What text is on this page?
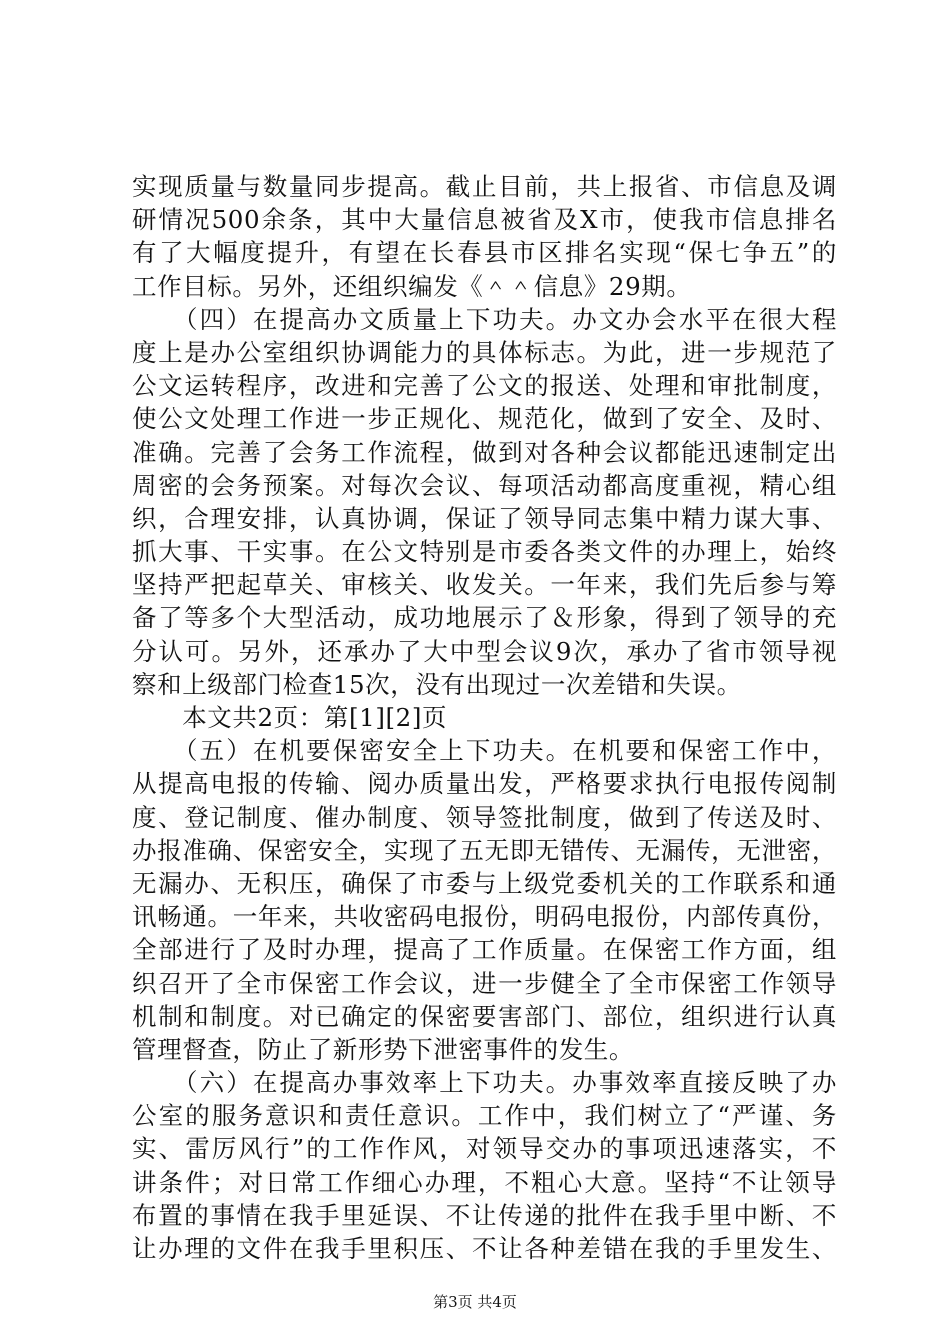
实现质量与数量同步提高。截止目前，共上报省、市信息及调
研情况500余条，其中大量信息被省及X市，使我市信息排名
有了大幅度提升，有望在长春县市区排名实现“保七争五”的
工作目标。另外，还组织编发《＾＾信息》29期。
　　（四）在提高办文质量上下功夫。办文办会水平在很大程
度上是办公室组织协调能力的具体标志。为此，进一步规范了
公文运转程序，改进和完善了公文的报送、处理和审批制度，
使公文处理工作进一步正规化、规范化，做到了安全、及时、
准确。完善了会务工作流程，做到对各种会议都能迅速制定出
周密的会务预案。对每次会议、每项活动都高度重视，精心组
织，合理安排，认真协调，保证了领导同志集中精力谋大事、
抓大事、干实事。在公文特别是市委各类文件的办理上，始终
坚持严把起草关、审核关、收发关。一年来，我们先后参与筹
备了等多个大型活动，成功地展示了＆形象，得到了领导的充
分认可。另外，还承办了大中型会议9次，承办了省市领导视
察和上级部门检查15次，没有出现过一次差错和失误。
　　本文共2页：第[1][2]页
　　（五）在机要保密安全上下功夫。在机要和保密工作中，
从提高电报的传输、阅办质量出发，严格要求执行电报传阅制
度、登记制度、催办制度、领导签批制度，做到了传送及时、
办报准确、保密安全，实现了五无即无错传、无漏传，无泄密，
无漏办、无积压，确保了市委与上级党委机关的工作联系和通
讯畅通。一年来，共收密码电报份，明码电报份，内部传真份，
全部进行了及时办理，提高了工作质量。在保密工作方面，组
织召开了全市保密工作会议，进一步健全了全市保密工作领导
机制和制度。对已确定的保密要害部门、部位，组织进行认真
管理督查，防止了新形势下泄密事件的发生。
　　（六）在提高办事效率上下功夫。办事效率直接反映了办
公室的服务意识和责任意识。工作中，我们树立了“严谨、务
实、雷厉风行”的工作作风，对领导交办的事项迅速落实，不
讲条件；对日常工作细心办理，不粗心大意。坚持“不让领导
布置的事情在我手里延误、不让传递的批件在我手里中断、不
让办理的文件在我手里积压、不让各种差错在我的手里发生、
第3页 共4页
